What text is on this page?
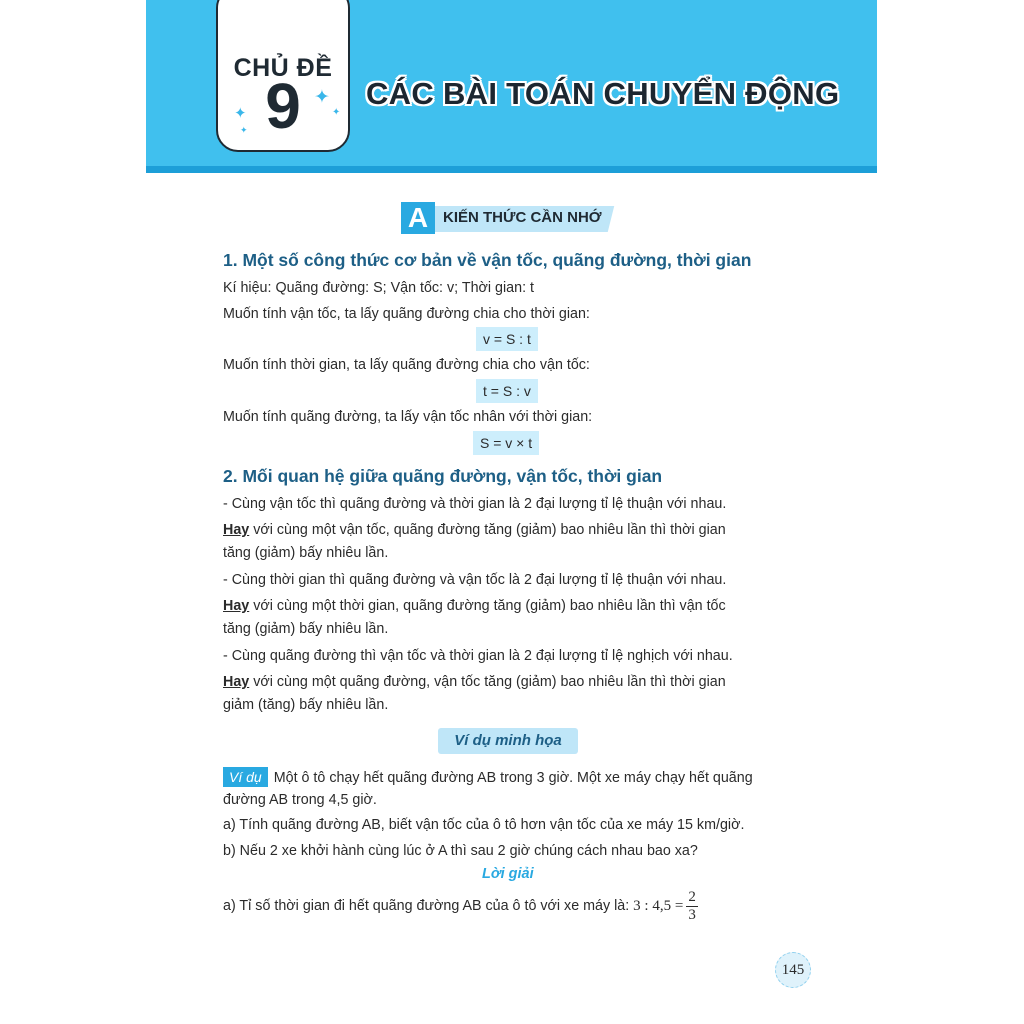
CHỦ ĐỀ
9
✦
✦
✦
✦
CÁC BÀI TOÁN CHUYỂN ĐỘNG
A KIẾN THỨC CẦN NHỚ
1. Một số công thức cơ bản về vận tốc, quãng đường, thời gian
Kí hiệu: Quãng đường: S; Vận tốc: v; Thời gian: t
Muốn tính vận tốc, ta lấy quãng đường chia cho thời gian:
v = S : t
Muốn tính thời gian, ta lấy quãng đường chia cho vận tốc:
t = S : v
Muốn tính quãng đường, ta lấy vận tốc nhân với thời gian:
S = v × t
2. Mối quan hệ giữa quãng đường, vận tốc, thời gian
- Cùng vận tốc thì quãng đường và thời gian là 2 đại lượng tỉ lệ thuận với nhau.
Hay với cùng một vận tốc, quãng đường tăng (giảm) bao nhiêu lần thì thời gian
tăng (giảm) bấy nhiêu lần.
- Cùng thời gian thì quãng đường và vận tốc là 2 đại lượng tỉ lệ thuận với nhau.
Hay với cùng một thời gian, quãng đường tăng (giảm) bao nhiêu lần thì vận tốc
tăng (giảm) bấy nhiêu lần.
- Cùng quãng đường thì vận tốc và thời gian là 2 đại lượng tỉ lệ nghịch với nhau.
Hay với cùng một quãng đường, vận tốc tăng (giảm) bao nhiêu lần thì thời gian
giảm (tăng) bấy nhiêu lần.
Ví dụ minh họa
Ví dụ Một ô tô chạy hết quãng đường AB trong 3 giờ. Một xe máy chạy hết quãng
đường AB trong 4,5 giờ.
a) Tính quãng đường AB, biết vận tốc của ô tô hơn vận tốc của xe máy 15 km/giờ.
b) Nếu 2 xe khởi hành cùng lúc ở A thì sau 2 giờ chúng cách nhau bao xa?
Lời giải
a) Tỉ số thời gian đi hết quãng đường AB của ô tô với xe máy là: 3 : $4,5 = \frac{2}{3}$
145
